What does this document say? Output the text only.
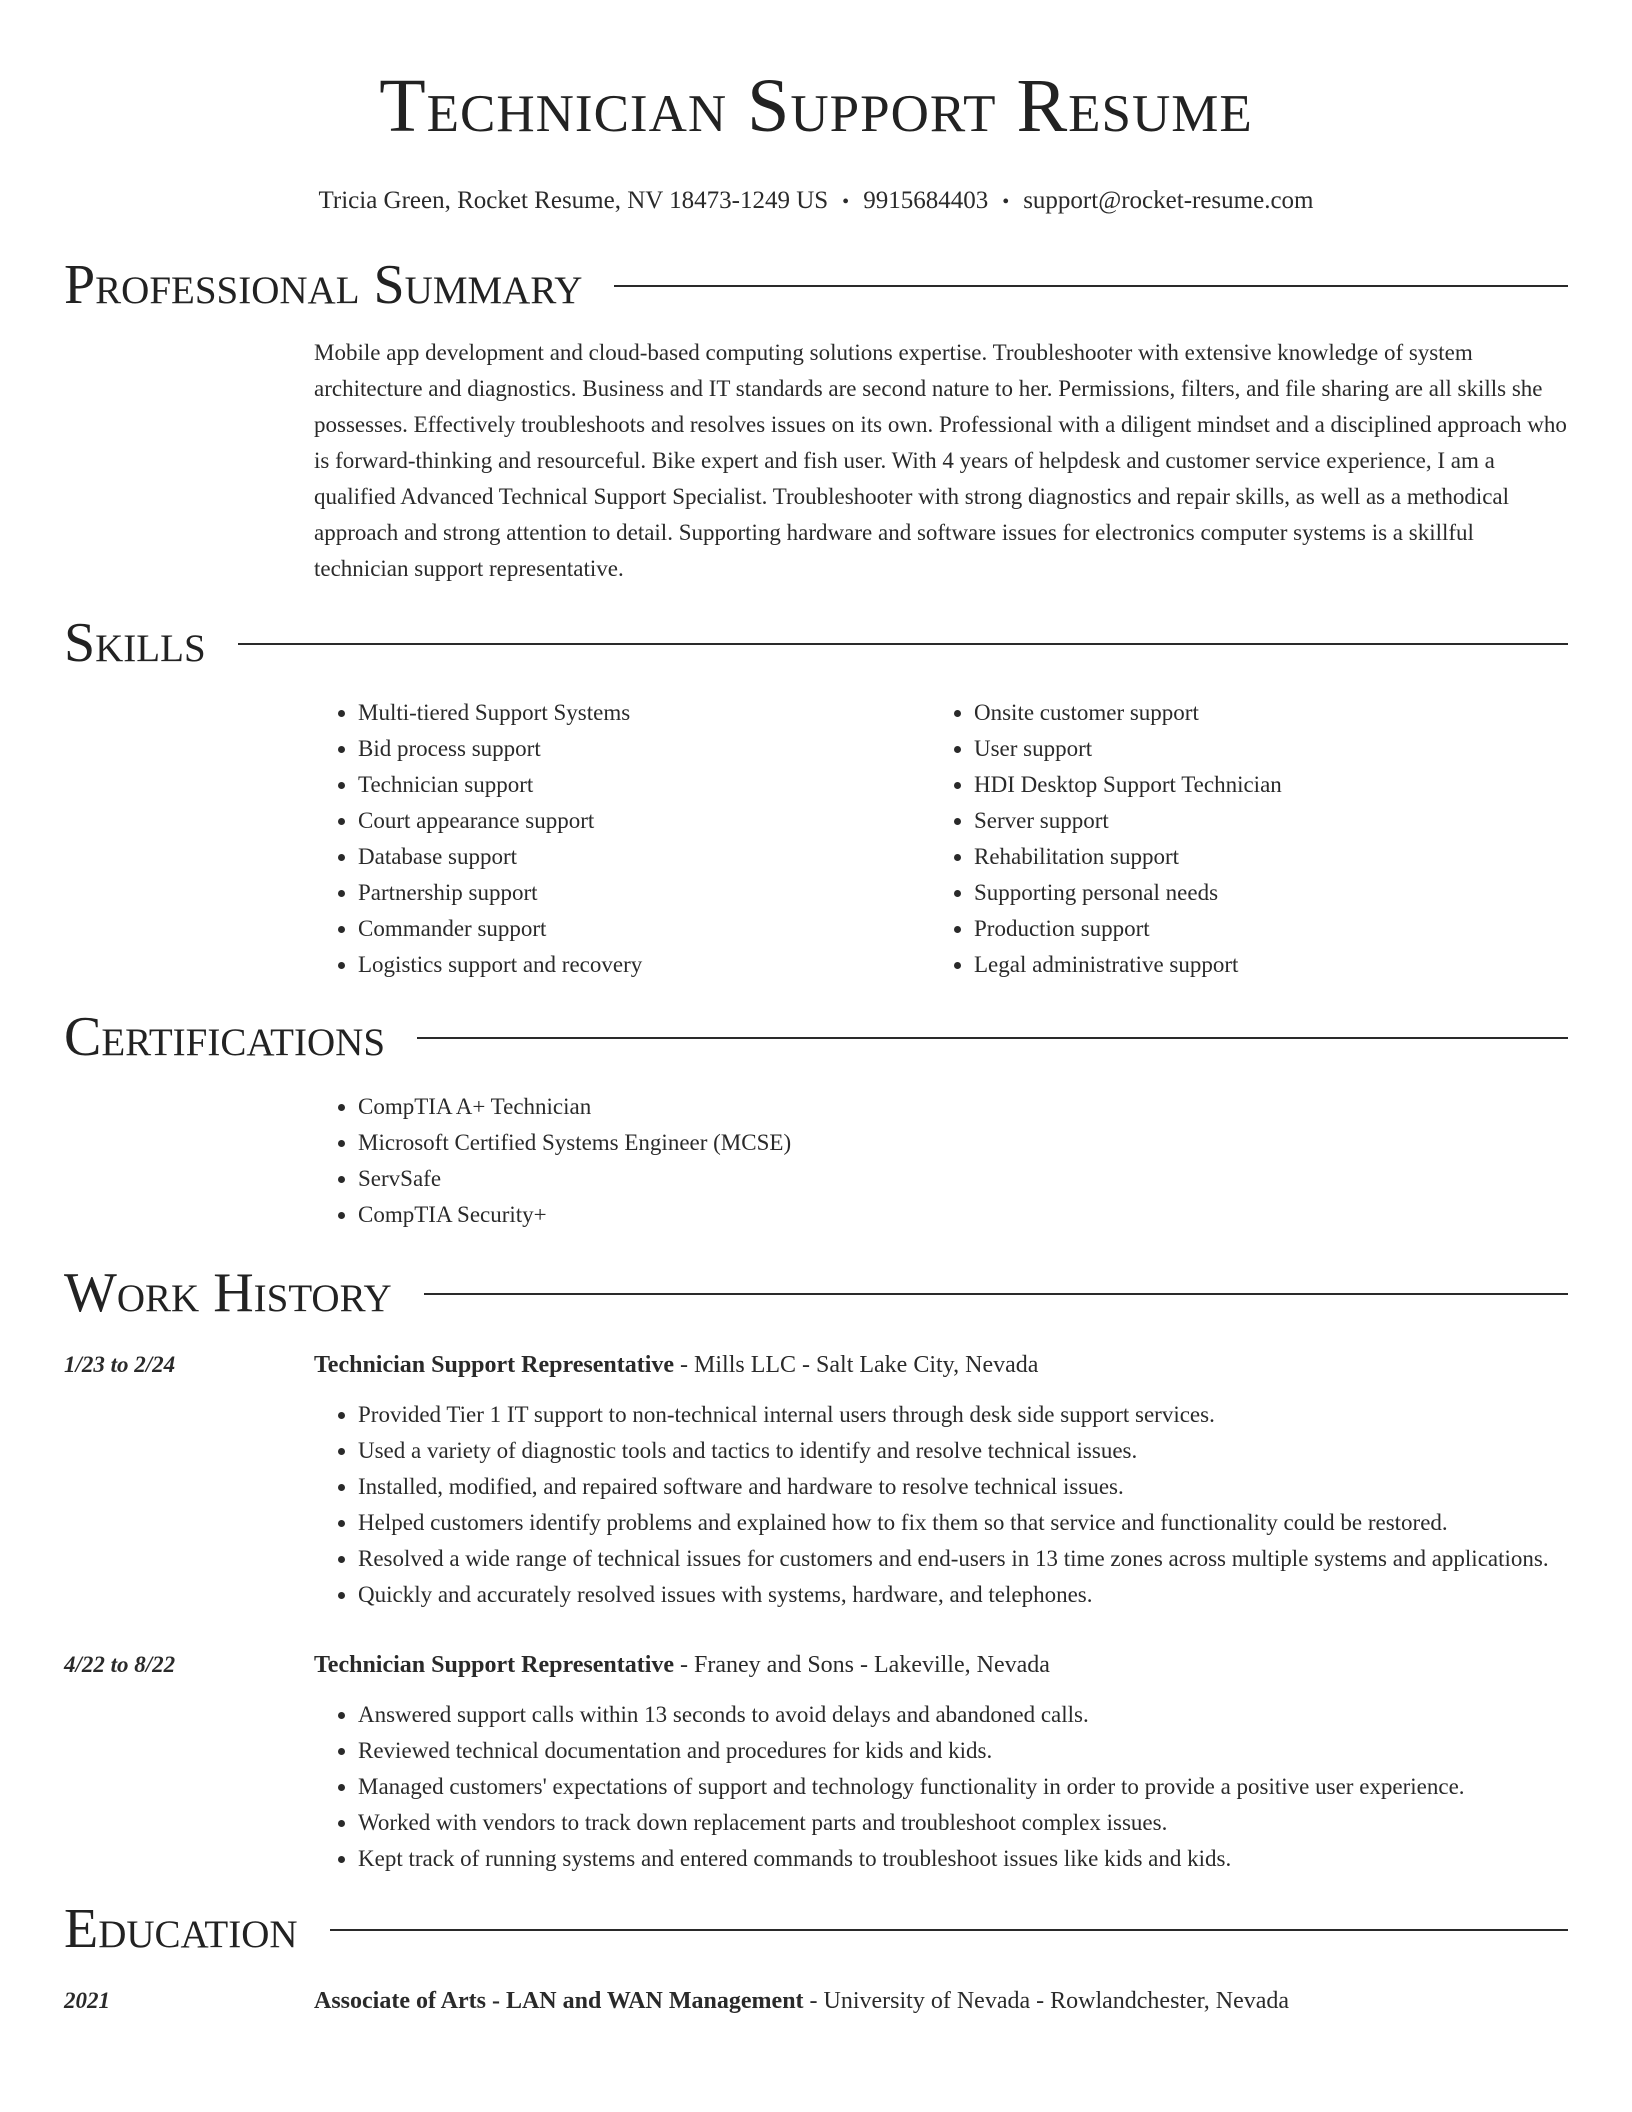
Technician Support Resume
Tricia Green, Rocket Resume, NV 18473-1249 US • 9915684403 • support@rocket-resume.com
Professional Summary

Mobile app development and cloud-based computing solutions expertise. Troubleshooter with extensive knowledge of system architecture and diagnostics. Business and IT standards are second nature to her. Permissions, filters, and file sharing are all skills she possesses. Effectively troubleshoots and resolves issues on its own. Professional with a diligent mindset and a disciplined approach who is forward-thinking and resourceful. Bike expert and fish user. With 4 years of helpdesk and customer service experience, I am a qualified Advanced Technical Support Specialist. Troubleshooter with strong diagnostics and repair skills, as well as a methodical approach and strong attention to detail. Supporting hardware and software issues for electronics computer systems is a skillful technician support representative.

Skills
• Multi-tiered Support Systems
• Bid process support
• Technician support
• Court appearance support
• Database support
• Partnership support
• Commander support
• Logistics support and recovery
• Onsite customer support
• User support
• HDI Desktop Support Technician
• Server support
• Rehabilitation support
• Supporting personal needs
• Production support
• Legal administrative support
Certifications
• CompTIA A+ Technician
• Microsoft Certified Systems Engineer (MCSE)
• ServSafe
• CompTIA Security+
Work History
1/23 to 2/24	Technician Support Representative - Mills LLC - Salt Lake City, Nevada
• Provided Tier 1 IT support to non-technical internal users through desk side support services.
• Used a variety of diagnostic tools and tactics to identify and resolve technical issues.
• Installed, modified, and repaired software and hardware to resolve technical issues.
• Helped customers identify problems and explained how to fix them so that service and functionality could be restored.
• Resolved a wide range of technical issues for customers and end-users in 13 time zones across multiple systems and applications.
• Quickly and accurately resolved issues with systems, hardware, and telephones.
4/22 to 8/22	Technician Support Representative - Franey and Sons - Lakeville, Nevada
• Answered support calls within 13 seconds to avoid delays and abandoned calls.
• Reviewed technical documentation and procedures for kids and kids.
• Managed customers' expectations of support and technology functionality in order to provide a positive user experience.
• Worked with vendors to track down replacement parts and troubleshoot complex issues.
• Kept track of running systems and entered commands to troubleshoot issues like kids and kids.
Education
2021	Associate of Arts - LAN and WAN Management - University of Nevada - Rowlandchester, Nevada
